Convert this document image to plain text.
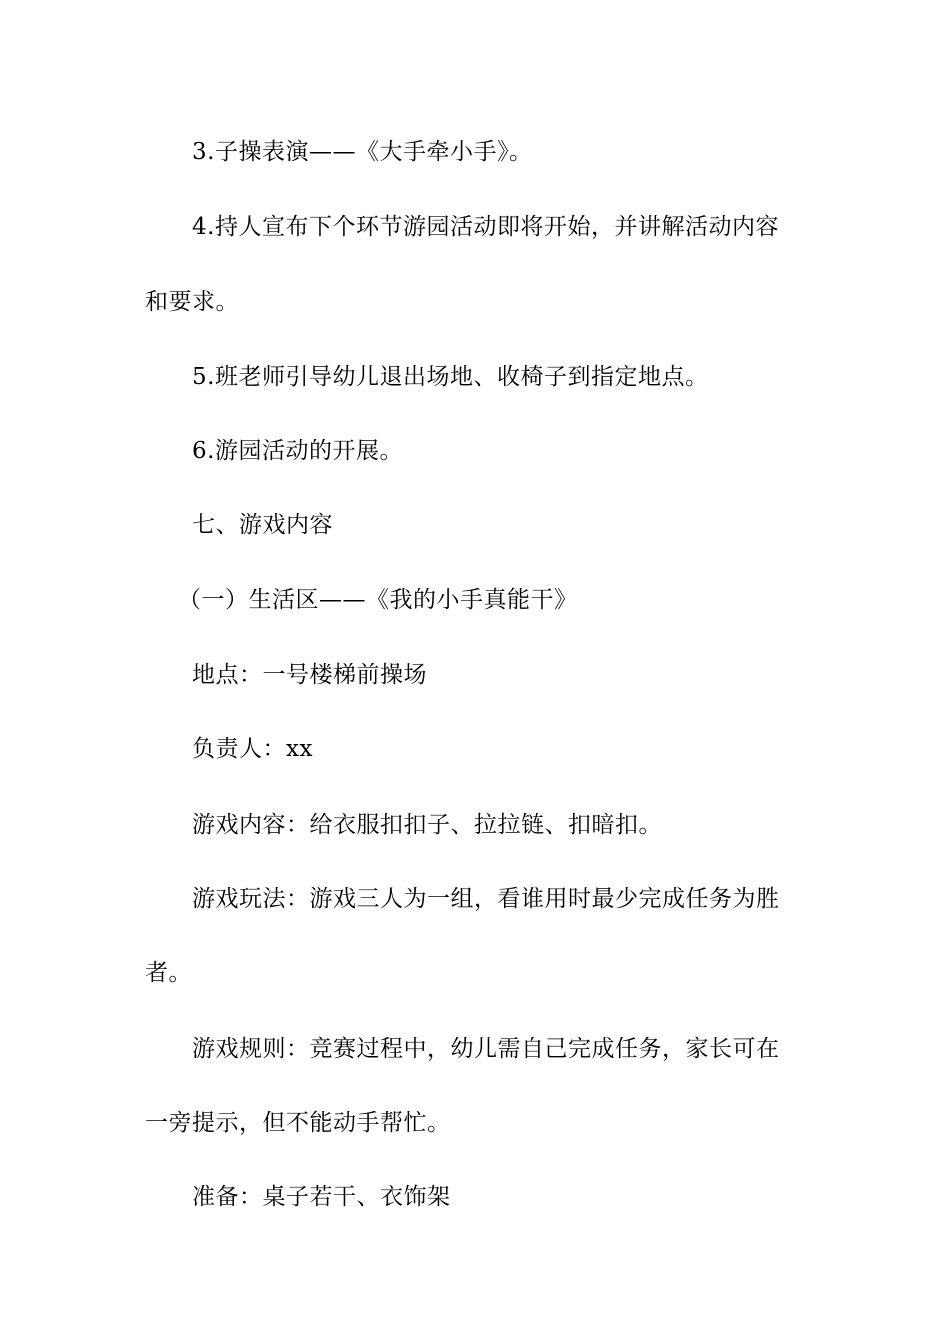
3.子操表演——《大手牵小手》。
4.持人宣布下个环节游园活动即将开始，并讲解活动内容
和要求。
5.班老师引导幼儿退出场地、收椅子到指定地点。
6.游园活动的开展。
七、游戏内容
（一）生活区——《我的小手真能干》
地点：一号楼梯前操场
负责人：xx
游戏内容：给衣服扣扣子、拉拉链、扣暗扣。
游戏玩法：游戏三人为一组，看谁用时最少完成任务为胜
者。
游戏规则：竞赛过程中，幼儿需自己完成任务，家长可在
一旁提示，但不能动手帮忙。
准备：桌子若干、衣饰架
